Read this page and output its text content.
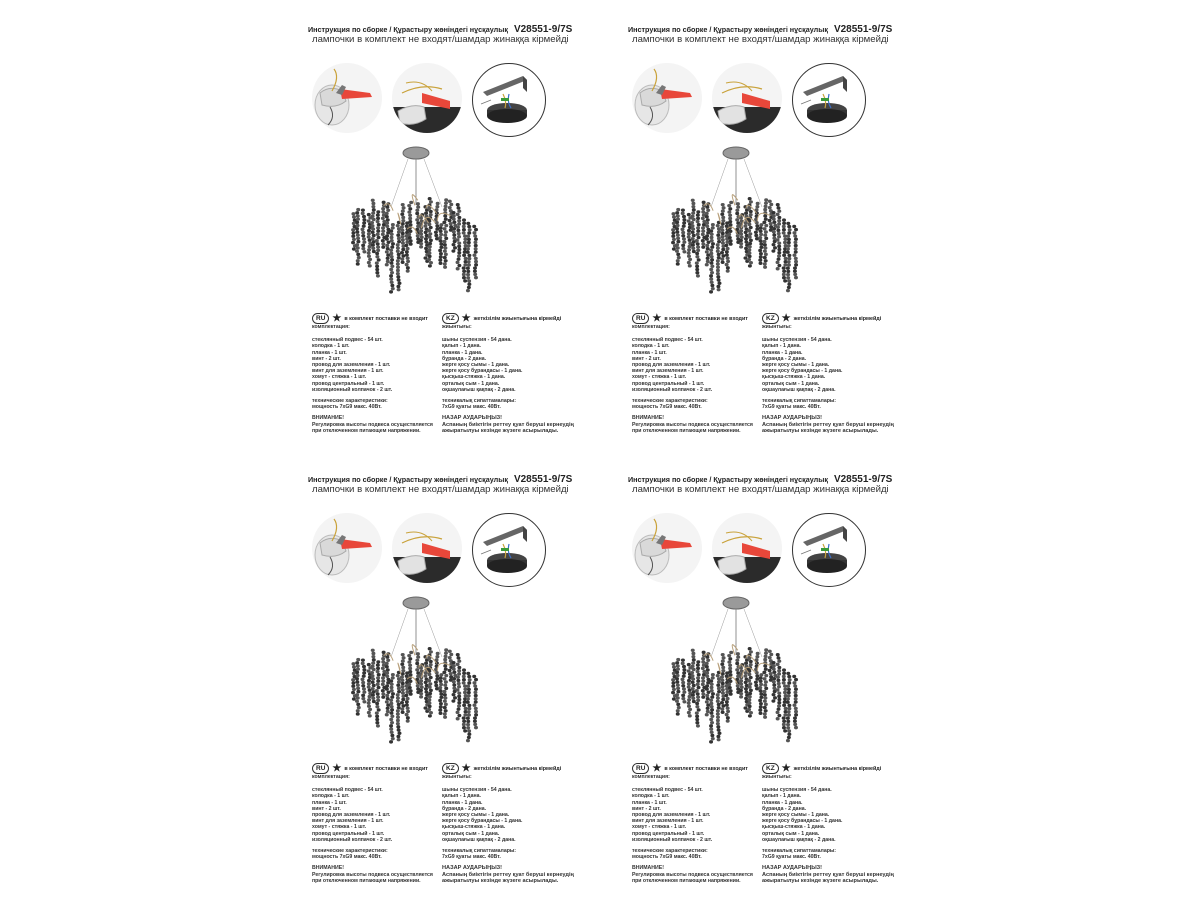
Инструкция по сборке / Құрастыру жөніндегі нұсқаулық V28551-9/7S
лампочки в комплект не входят/шамдар жинаққа кірмейді
RU ★ в комплект поставки не входит	KZ ★ жеткізілім жиынтығына кірмейді
комплектация:
стеклянный подвес - 54 шт.
колодка - 1 шт.
планка - 1 шт.
винт - 2 шт.
провод для заземления - 1 шт.
винт для заземления - 1 шт.
хомут - стяжка - 1 шт.
провод центральный - 1 шт.
изоляционный колпачок - 2 шт.
технические характеристики:
мощность 7xG9 макс. 40Вт.
ВНИМАНИЕ!
Регулировка высоты подвеса осуществляется
при отключенном питающем напряжении.
жиынтығы:
шыны суспензия - 54 дана.
қалып - 1 дана.
планка - 1 дана.
бұранда - 2 дана.
жерге қосу сымы - 1 дана.
жерге қосу бұрандасы - 1 дана.
қысқыш-стяжка - 1 дана.
орталық сым - 1 дана.
оқшаулағыш қақпақ - 2 дана.
техникалық сипаттамалары:
7xG9 қуаты макс. 40Вт.
НАЗАР АУДАРЫҢЫЗ!
Аспаның биіктігін реттеу қуат беруші кернеудің
ажыратылуы кезінде жүзеге асырылады.
Инструкция по сборке / Құрастыру жөніндегі нұсқаулық V28551-9/7S
лампочки в комплект не входят/шамдар жинаққа кірмейді
RU ★ в комплект поставки не входит	KZ ★ жеткізілім жиынтығына кірмейді
комплектация:
стеклянный подвес - 54 шт.
колодка - 1 шт.
планка - 1 шт.
винт - 2 шт.
провод для заземления - 1 шт.
винт для заземления - 1 шт.
хомут - стяжка - 1 шт.
провод центральный - 1 шт.
изоляционный колпачок - 2 шт.
технические характеристики:
мощность 7xG9 макс. 40Вт.
ВНИМАНИЕ!
Регулировка высоты подвеса осуществляется
при отключенном питающем напряжении.
жиынтығы:
шыны суспензия - 54 дана.
қалып - 1 дана.
планка - 1 дана.
бұранда - 2 дана.
жерге қосу сымы - 1 дана.
жерге қосу бұрандасы - 1 дана.
қысқыш-стяжка - 1 дана.
орталық сым - 1 дана.
оқшаулағыш қақпақ - 2 дана.
техникалық сипаттамалары:
7xG9 қуаты макс. 40Вт.
НАЗАР АУДАРЫҢЫЗ!
Аспаның биіктігін реттеу қуат беруші кернеудің
ажыратылуы кезінде жүзеге асырылады.
Инструкция по сборке / Құрастыру жөніндегі нұсқаулық V28551-9/7S
лампочки в комплект не входят/шамдар жинаққа кірмейді
RU ★ в комплект поставки не входит	KZ ★ жеткізілім жиынтығына кірмейді
комплектация:
стеклянный подвес - 54 шт.
колодка - 1 шт.
планка - 1 шт.
винт - 2 шт.
провод для заземления - 1 шт.
винт для заземления - 1 шт.
хомут - стяжка - 1 шт.
провод центральный - 1 шт.
изоляционный колпачок - 2 шт.
технические характеристики:
мощность 7xG9 макс. 40Вт.
ВНИМАНИЕ!
Регулировка высоты подвеса осуществляется
при отключенном питающем напряжении.
жиынтығы:
шыны суспензия - 54 дана.
қалып - 1 дана.
планка - 1 дана.
бұранда - 2 дана.
жерге қосу сымы - 1 дана.
жерге қосу бұрандасы - 1 дана.
қысқыш-стяжка - 1 дана.
орталық сым - 1 дана.
оқшаулағыш қақпақ - 2 дана.
техникалық сипаттамалары:
7xG9 қуаты макс. 40Вт.
НАЗАР АУДАРЫҢЫЗ!
Аспаның биіктігін реттеу қуат беруші кернеудің
ажыратылуы кезінде жүзеге асырылады.
Инструкция по сборке / Құрастыру жөніндегі нұсқаулық V28551-9/7S
лампочки в комплект не входят/шамдар жинаққа кірмейді
RU ★ в комплект поставки не входит	KZ ★ жеткізілім жиынтығына кірмейді
комплектация:
стеклянный подвес - 54 шт.
колодка - 1 шт.
планка - 1 шт.
винт - 2 шт.
провод для заземления - 1 шт.
винт для заземления - 1 шт.
хомут - стяжка - 1 шт.
провод центральный - 1 шт.
изоляционный колпачок - 2 шт.
технические характеристики:
мощность 7xG9 макс. 40Вт.
ВНИМАНИЕ!
Регулировка высоты подвеса осуществляется
при отключенном питающем напряжении.
жиынтығы:
шыны суспензия - 54 дана.
қалып - 1 дана.
планка - 1 дана.
бұранда - 2 дана.
жерге қосу сымы - 1 дана.
жерге қосу бұрандасы - 1 дана.
қысқыш-стяжка - 1 дана.
орталық сым - 1 дана.
оқшаулағыш қақпақ - 2 дана.
техникалық сипаттамалары:
7xG9 қуаты макс. 40Вт.
НАЗАР АУДАРЫҢЫЗ!
Аспаның биіктігін реттеу қуат беруші кернеудің
ажыратылуы кезінде жүзеге асырылады.
